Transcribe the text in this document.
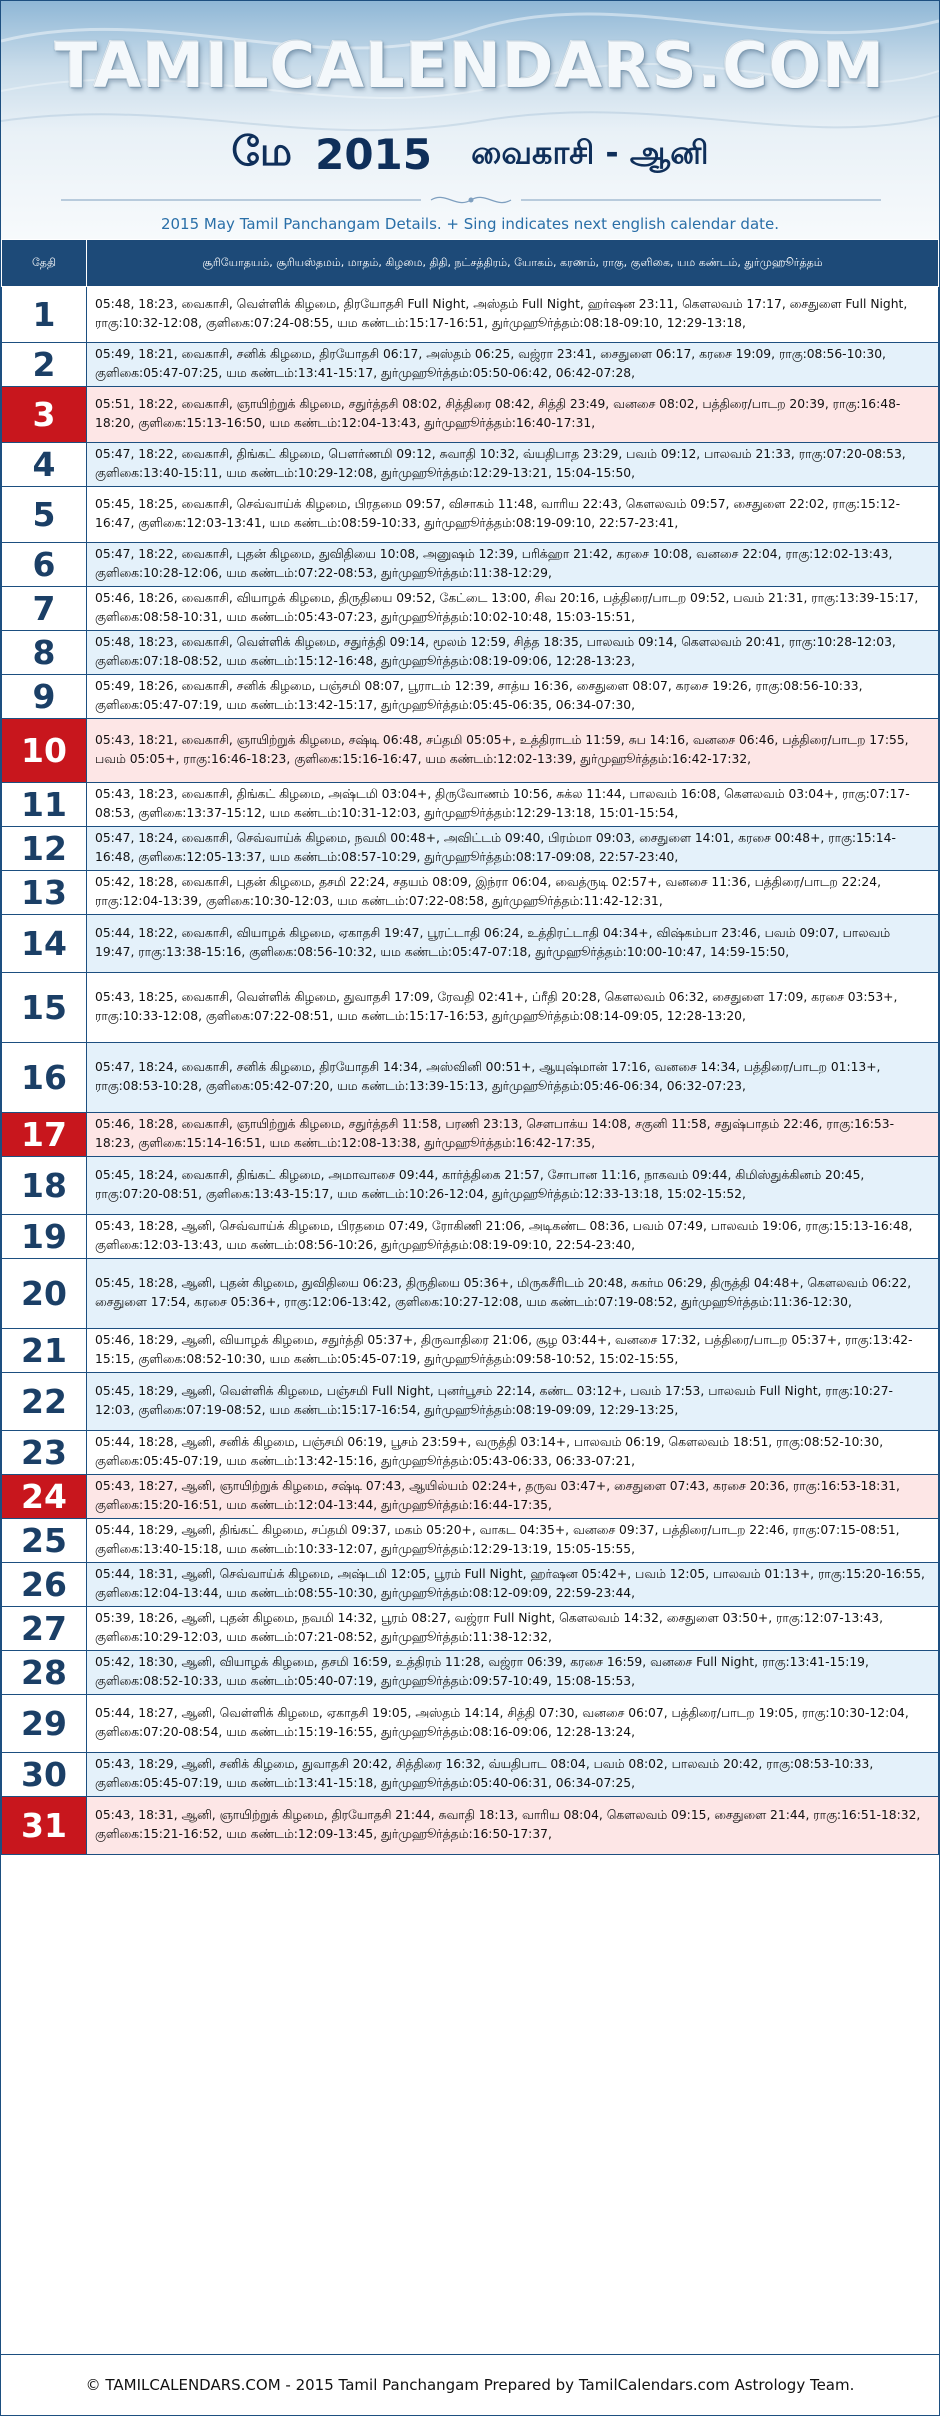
TAMILCALENDARS.COM
மே 2015 வைகாசி - ஆனி
2015 May Tamil Panchangam Details. + Sing indicates next english calendar date.
தேதி	சூரியோதயம், சூரியஸ்தமம், மாதம், கிழமை, திதி, நட்சத்திரம், யோகம், கரணம், ராகு, குளிகை, யம கண்டம், துர்முஹூர்த்தம்
1	05:48, 18:23, வைகாசி, வெள்ளிக் கிழமை, திரயோதசி Full Night, அஸ்தம் Full Night, ஹர்ஷன 23:11, கௌலவம் 17:17, சைதுளை Full Night, ராகு:10:32-12:08, குளிகை:07:24-08:55, யம கண்டம்:15:17-16:51, துர்முஹூர்த்தம்:08:18-09:10, 12:29-13:18,
2	05:49, 18:21, வைகாசி, சனிக் கிழமை, திரயோதசி 06:17, அஸ்தம் 06:25, வஜ்ரா 23:41, சைதுளை 06:17, கரசை 19:09, ராகு:08:56-10:30, குளிகை:05:47-07:25, யம கண்டம்:13:41-15:17, துர்முஹூர்த்தம்:05:50-06:42, 06:42-07:28,
3	05:51, 18:22, வைகாசி, ஞாயிற்றுக் கிழமை, சதுர்த்தசி 08:02, சித்திரை 08:42, சித்தி 23:49, வனசை 08:02, பத்திரை/பாடற 20:39, ராகு:16:48-18:20, குளிகை:15:13-16:50, யம கண்டம்:12:04-13:43, துர்முஹூர்த்தம்:16:40-17:31,
4	05:47, 18:22, வைகாசி, திங்கட் கிழமை, பௌர்ணமி 09:12, சுவாதி 10:32, வ்யதிபாத 23:29, பவம் 09:12, பாலவம் 21:33, ராகு:07:20-08:53, குளிகை:13:40-15:11, யம கண்டம்:10:29-12:08, துர்முஹூர்த்தம்:12:29-13:21, 15:04-15:50,
5	05:45, 18:25, வைகாசி, செவ்வாய்க் கிழமை, பிரதமை 09:57, விசாகம் 11:48, வாரிய 22:43, கௌலவம் 09:57, சைதுளை 22:02, ராகு:15:12-16:47, குளிகை:12:03-13:41, யம கண்டம்:08:59-10:33, துர்முஹூர்த்தம்:08:19-09:10, 22:57-23:41,
6	05:47, 18:22, வைகாசி, புதன் கிழமை, துவிதியை 10:08, அனுஷம் 12:39, பரிக்ஹா 21:42, கரசை 10:08, வனசை 22:04, ராகு:12:02-13:43, குளிகை:10:28-12:06, யம கண்டம்:07:22-08:53, துர்முஹூர்த்தம்:11:38-12:29,
7	05:46, 18:26, வைகாசி, வியாழக் கிழமை, திருதியை 09:52, கேட்டை 13:00, சிவ 20:16, பத்திரை/பாடற 09:52, பவம் 21:31, ராகு:13:39-15:17, குளிகை:08:58-10:31, யம கண்டம்:05:43-07:23, துர்முஹூர்த்தம்:10:02-10:48, 15:03-15:51,
8	05:48, 18:23, வைகாசி, வெள்ளிக் கிழமை, சதுர்த்தி 09:14, மூலம் 12:59, சித்த 18:35, பாலவம் 09:14, கௌலவம் 20:41, ராகு:10:28-12:03, குளிகை:07:18-08:52, யம கண்டம்:15:12-16:48, துர்முஹூர்த்தம்:08:19-09:06, 12:28-13:23,
9	05:49, 18:26, வைகாசி, சனிக் கிழமை, பஞ்சமி 08:07, பூராடம் 12:39, சாத்ய 16:36, சைதுளை 08:07, கரசை 19:26, ராகு:08:56-10:33, குளிகை:05:47-07:19, யம கண்டம்:13:42-15:17, துர்முஹூர்த்தம்:05:45-06:35, 06:34-07:30,
10	05:43, 18:21, வைகாசி, ஞாயிற்றுக் கிழமை, சஷ்டி 06:48, சப்தமி 05:05+, உத்திராடம் 11:59, சுப 14:16, வனசை 06:46, பத்திரை/பாடற 17:55, பவம் 05:05+, ராகு:16:46-18:23, குளிகை:15:16-16:47, யம கண்டம்:12:02-13:39, துர்முஹூர்த்தம்:16:42-17:32,
11	05:43, 18:23, வைகாசி, திங்கட் கிழமை, அஷ்டமி 03:04+, திருவோணம் 10:56, சுக்ல 11:44, பாலவம் 16:08, கௌலவம் 03:04+, ராகு:07:17-08:53, குளிகை:13:37-15:12, யம கண்டம்:10:31-12:03, துர்முஹூர்த்தம்:12:29-13:18, 15:01-15:54,
12	05:47, 18:24, வைகாசி, செவ்வாய்க் கிழமை, நவமி 00:48+, அவிட்டம் 09:40, பிரம்மா 09:03, சைதுளை 14:01, கரசை 00:48+, ராகு:15:14-16:48, குளிகை:12:05-13:37, யம கண்டம்:08:57-10:29, துர்முஹூர்த்தம்:08:17-09:08, 22:57-23:40,
13	05:42, 18:28, வைகாசி, புதன் கிழமை, தசமி 22:24, சதயம் 08:09, இந்ரா 06:04, வைத்ருடி 02:57+, வனசை 11:36, பத்திரை/பாடற 22:24, ராகு:12:04-13:39, குளிகை:10:30-12:03, யம கண்டம்:07:22-08:58, துர்முஹூர்த்தம்:11:42-12:31,
14	05:44, 18:22, வைகாசி, வியாழக் கிழமை, ஏகாதசி 19:47, பூரட்டாதி 06:24, உத்திரட்டாதி 04:34+, விஷ்கம்பா 23:46, பவம் 09:07, பாலவம் 19:47, ராகு:13:38-15:16, குளிகை:08:56-10:32, யம கண்டம்:05:47-07:18, துர்முஹூர்த்தம்:10:00-10:47, 14:59-15:50,
15	05:43, 18:25, வைகாசி, வெள்ளிக் கிழமை, துவாதசி 17:09, ரேவதி 02:41+, ப்ரீதி 20:28, கௌலவம் 06:32, சைதுளை 17:09, கரசை 03:53+, ராகு:10:33-12:08, குளிகை:07:22-08:51, யம கண்டம்:15:17-16:53, துர்முஹூர்த்தம்:08:14-09:05, 12:28-13:20,
16	05:47, 18:24, வைகாசி, சனிக் கிழமை, திரயோதசி 14:34, அஸ்வினி 00:51+, ஆயுஷ்மான் 17:16, வனசை 14:34, பத்திரை/பாடற 01:13+, ராகு:08:53-10:28, குளிகை:05:42-07:20, யம கண்டம்:13:39-15:13, துர்முஹூர்த்தம்:05:46-06:34, 06:32-07:23,
17	05:46, 18:28, வைகாசி, ஞாயிற்றுக் கிழமை, சதுர்த்தசி 11:58, பரணி 23:13, சௌபாக்ய 14:08, சகுனி 11:58, சதுஷ்பாதம் 22:46, ராகு:16:53-18:23, குளிகை:15:14-16:51, யம கண்டம்:12:08-13:38, துர்முஹூர்த்தம்:16:42-17:35,
18	05:45, 18:24, வைகாசி, திங்கட் கிழமை, அமாவாசை 09:44, கார்த்திகை 21:57, சோபான 11:16, நாகவம் 09:44, கிமிஸ்துக்கினம் 20:45, ராகு:07:20-08:51, குளிகை:13:43-15:17, யம கண்டம்:10:26-12:04, துர்முஹூர்த்தம்:12:33-13:18, 15:02-15:52,
19	05:43, 18:28, ஆனி, செவ்வாய்க் கிழமை, பிரதமை 07:49, ரோகிணி 21:06, அடிகண்ட 08:36, பவம் 07:49, பாலவம் 19:06, ராகு:15:13-16:48, குளிகை:12:03-13:43, யம கண்டம்:08:56-10:26, துர்முஹூர்த்தம்:08:19-09:10, 22:54-23:40,
20	05:45, 18:28, ஆனி, புதன் கிழமை, துவிதியை 06:23, திருதியை 05:36+, மிருகசீரிடம் 20:48, சுகர்ம 06:29, திருத்தி 04:48+, கௌலவம் 06:22, சைதுளை 17:54, கரசை 05:36+, ராகு:12:06-13:42, குளிகை:10:27-12:08, யம கண்டம்:07:19-08:52, துர்முஹூர்த்தம்:11:36-12:30,
21	05:46, 18:29, ஆனி, வியாழக் கிழமை, சதுர்த்தி 05:37+, திருவாதிரை 21:06, சூழ 03:44+, வனசை 17:32, பத்திரை/பாடற 05:37+, ராகு:13:42-15:15, குளிகை:08:52-10:30, யம கண்டம்:05:45-07:19, துர்முஹூர்த்தம்:09:58-10:52, 15:02-15:55,
22	05:45, 18:29, ஆனி, வெள்ளிக் கிழமை, பஞ்சமி Full Night, புனர்பூசம் 22:14, கண்ட 03:12+, பவம் 17:53, பாலவம் Full Night, ராகு:10:27-12:03, குளிகை:07:19-08:52, யம கண்டம்:15:17-16:54, துர்முஹூர்த்தம்:08:19-09:09, 12:29-13:25,
23	05:44, 18:28, ஆனி, சனிக் கிழமை, பஞ்சமி 06:19, பூசம் 23:59+, வருத்தி 03:14+, பாலவம் 06:19, கௌலவம் 18:51, ராகு:08:52-10:30, குளிகை:05:45-07:19, யம கண்டம்:13:42-15:16, துர்முஹூர்த்தம்:05:43-06:33, 06:33-07:21,
24	05:43, 18:27, ஆனி, ஞாயிற்றுக் கிழமை, சஷ்டி 07:43, ஆயில்யம் 02:24+, தருவ 03:47+, சைதுளை 07:43, கரசை 20:36, ராகு:16:53-18:31, குளிகை:15:20-16:51, யம கண்டம்:12:04-13:44, துர்முஹூர்த்தம்:16:44-17:35,
25	05:44, 18:29, ஆனி, திங்கட் கிழமை, சப்தமி 09:37, மகம் 05:20+, வாகட 04:35+, வனசை 09:37, பத்திரை/பாடற 22:46, ராகு:07:15-08:51, குளிகை:13:40-15:18, யம கண்டம்:10:33-12:07, துர்முஹூர்த்தம்:12:29-13:19, 15:05-15:55,
26	05:44, 18:31, ஆனி, செவ்வாய்க் கிழமை, அஷ்டமி 12:05, பூரம் Full Night, ஹர்ஷன 05:42+, பவம் 12:05, பாலவம் 01:13+, ராகு:15:20-16:55, குளிகை:12:04-13:44, யம கண்டம்:08:55-10:30, துர்முஹூர்த்தம்:08:12-09:09, 22:59-23:44,
27	05:39, 18:26, ஆனி, புதன் கிழமை, நவமி 14:32, பூரம் 08:27, வஜ்ரா Full Night, கௌலவம் 14:32, சைதுளை 03:50+, ராகு:12:07-13:43, குளிகை:10:29-12:03, யம கண்டம்:07:21-08:52, துர்முஹூர்த்தம்:11:38-12:32,
28	05:42, 18:30, ஆனி, வியாழக் கிழமை, தசமி 16:59, உத்திரம் 11:28, வஜ்ரா 06:39, கரசை 16:59, வனசை Full Night, ராகு:13:41-15:19, குளிகை:08:52-10:33, யம கண்டம்:05:40-07:19, துர்முஹூர்த்தம்:09:57-10:49, 15:08-15:53,
29	05:44, 18:27, ஆனி, வெள்ளிக் கிழமை, ஏகாதசி 19:05, அஸ்தம் 14:14, சித்தி 07:30, வனசை 06:07, பத்திரை/பாடற 19:05, ராகு:10:30-12:04, குளிகை:07:20-08:54, யம கண்டம்:15:19-16:55, துர்முஹூர்த்தம்:08:16-09:06, 12:28-13:24,
30	05:43, 18:29, ஆனி, சனிக் கிழமை, துவாதசி 20:42, சித்திரை 16:32, வ்யதிபாட 08:04, பவம் 08:02, பாலவம் 20:42, ராகு:08:53-10:33, குளிகை:05:45-07:19, யம கண்டம்:13:41-15:18, துர்முஹூர்த்தம்:05:40-06:31, 06:34-07:25,
31	05:43, 18:31, ஆனி, ஞாயிற்றுக் கிழமை, திரயோதசி 21:44, சுவாதி 18:13, வாரிய 08:04, கௌலவம் 09:15, சைதுளை 21:44, ராகு:16:51-18:32, குளிகை:15:21-16:52, யம கண்டம்:12:09-13:45, துர்முஹூர்த்தம்:16:50-17:37,
© TAMILCALENDARS.COM - 2015 Tamil Panchangam Prepared by TamilCalendars.com Astrology Team.
